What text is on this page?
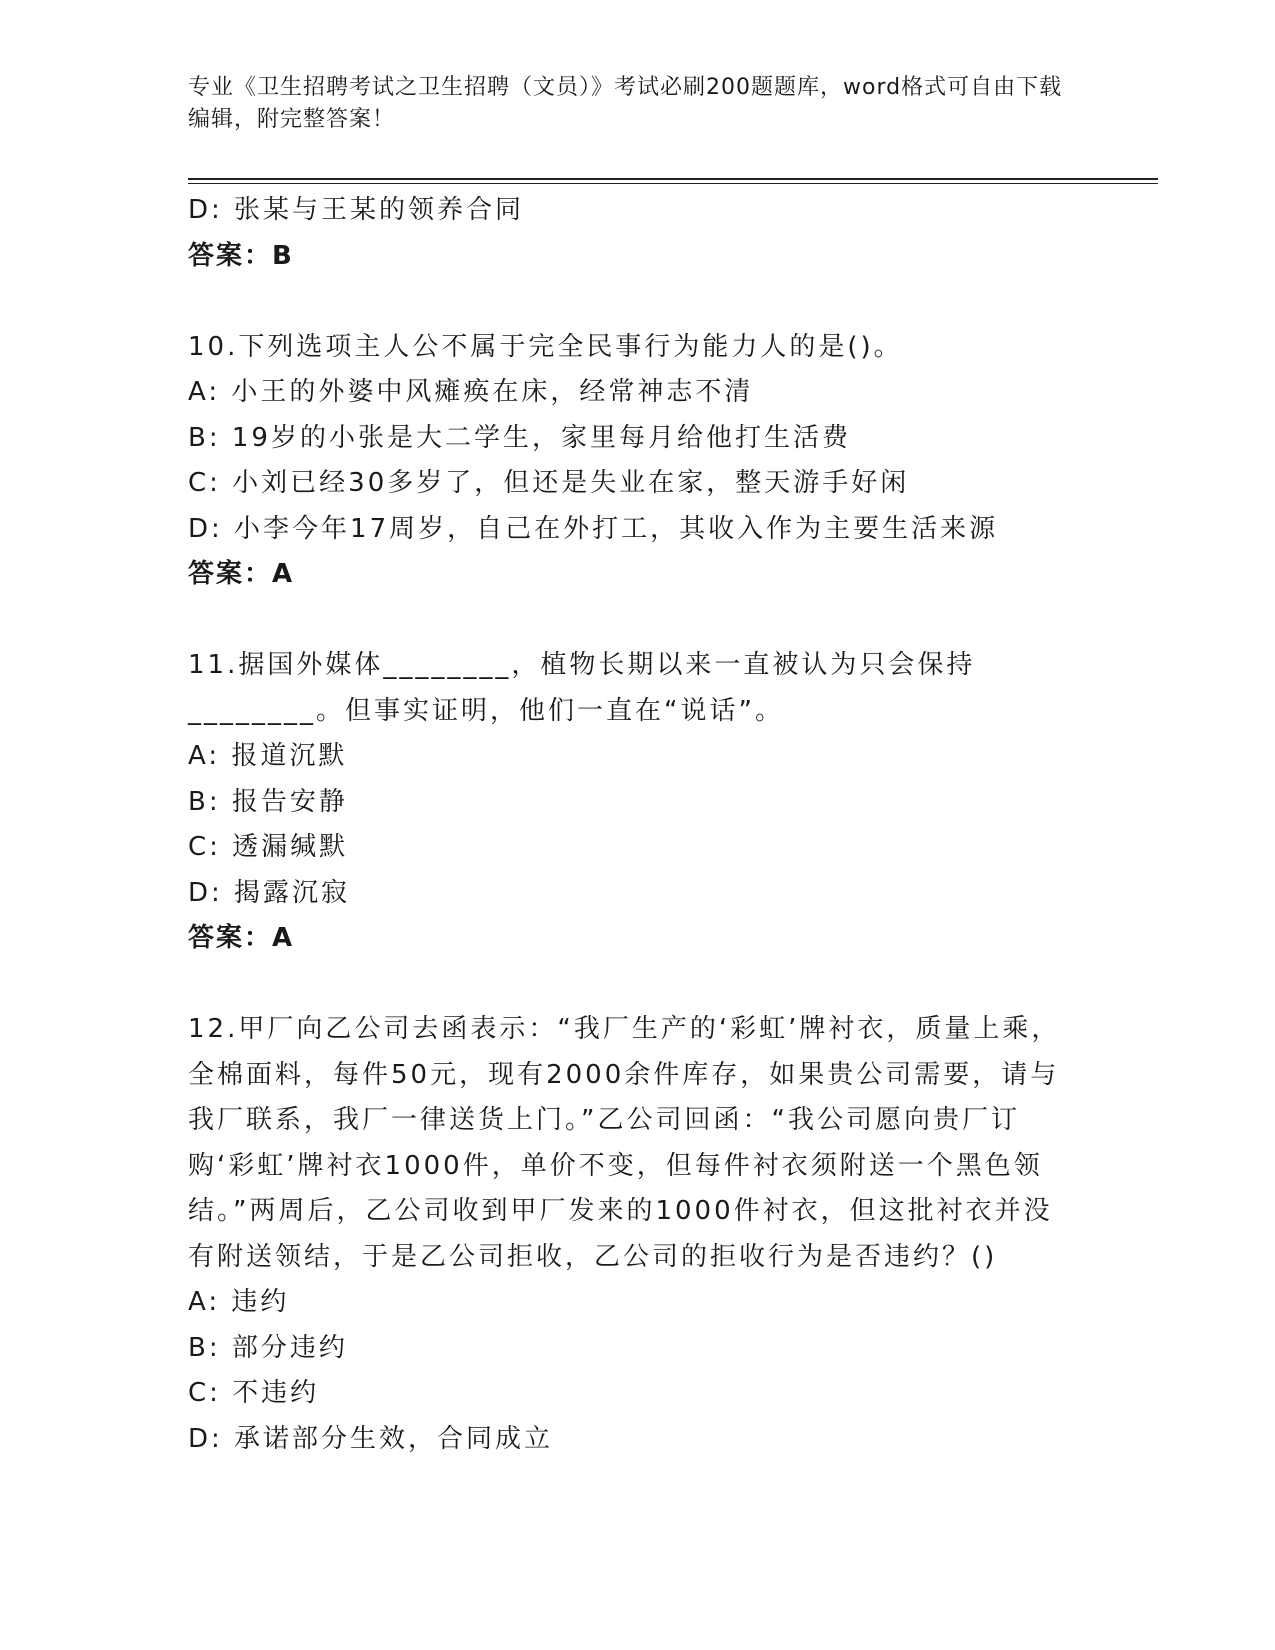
专业《卫生招聘考试之卫生招聘（文员）》考试必刷200题题库，word格式可自由下载编辑，附完整答案！
D: 张某与王某的领养合同
答案：B
10.下列选项主人公不属于完全民事行为能力人的是()。
A: 小王的外婆中风瘫痪在床，经常神志不清
B: 19岁的小张是大二学生，家里每月给他打生活费
C: 小刘已经30多岁了，但还是失业在家，整天游手好闲
D: 小李今年17周岁，自己在外打工，其收入作为主要生活来源
答案：A
11.据国外媒体________，植物长期以来一直被认为只会保持________。但事实证明，他们一直在“说话”。
A: 报道沉默
B: 报告安静
C: 透漏缄默
D: 揭露沉寂
答案：A
12.甲厂向乙公司去函表示：“我厂生产的‘彩虹’牌衬衣，质量上乘，全棉面料，每件50元，现有2000余件库存，如果贵公司需要，请与我厂联系，我厂一律送货上门。”乙公司回函：“我公司愿向贵厂订购‘彩虹’牌衬衣1000件，单价不变，但每件衬衣须附送一个黑色领结。”两周后，乙公司收到甲厂发来的1000件衬衣，但这批衬衣并没有附送领结，于是乙公司拒收，乙公司的拒收行为是否违约？()
A: 违约
B: 部分违约
C: 不违约
D: 承诺部分生效，合同成立
